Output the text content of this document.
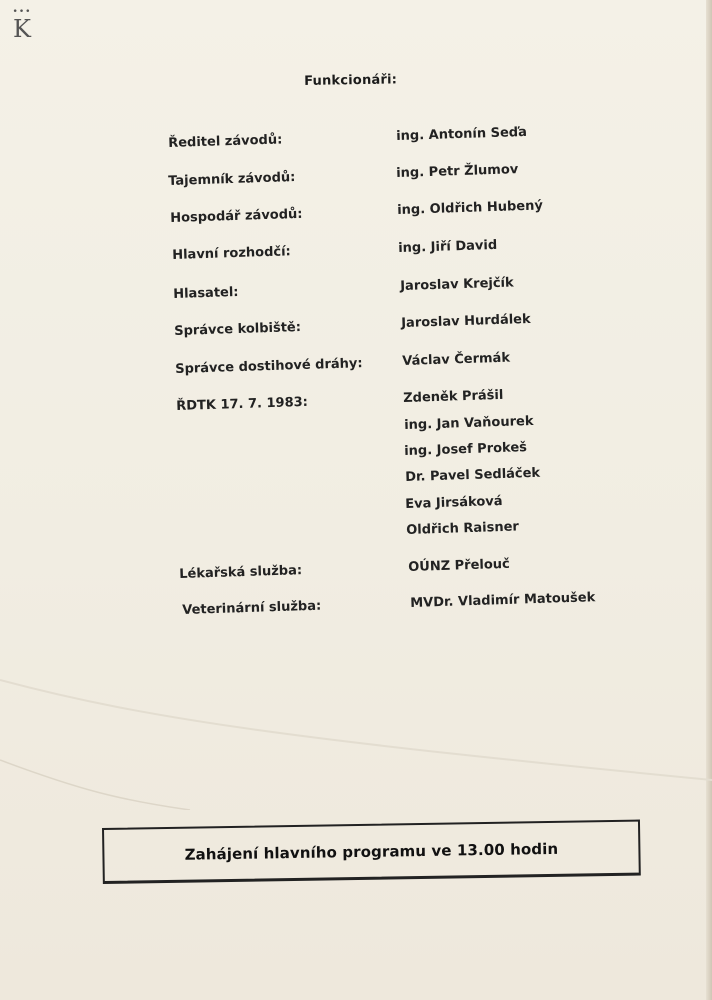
•••
K
Funkcionáři:
Ředitel závodů:	ing. Antonín Seďa
Tajemník závodů:	ing. Petr Žlumov
Hospodář závodů:	ing. Oldřich Hubený
Hlavní rozhodčí:	ing. Jiří David
Hlasatel:	Jaroslav Krejčík
Správce kolbiště:	Jaroslav Hurdálek
Správce dostihové dráhy:	Václav Čermák
ŘDTK 17. 7. 1983:	Zdeněk Prášil
ing. Jan Vaňourek
ing. Josef Prokeš
Dr. Pavel Sedláček
Eva Jirsáková
Oldřich Raisner
Lékařská služba:	OÚNZ Přelouč
Veterinární služba:	MVDr. Vladimír Matoušek
Zahájení hlavního programu ve 13.00 hodin
